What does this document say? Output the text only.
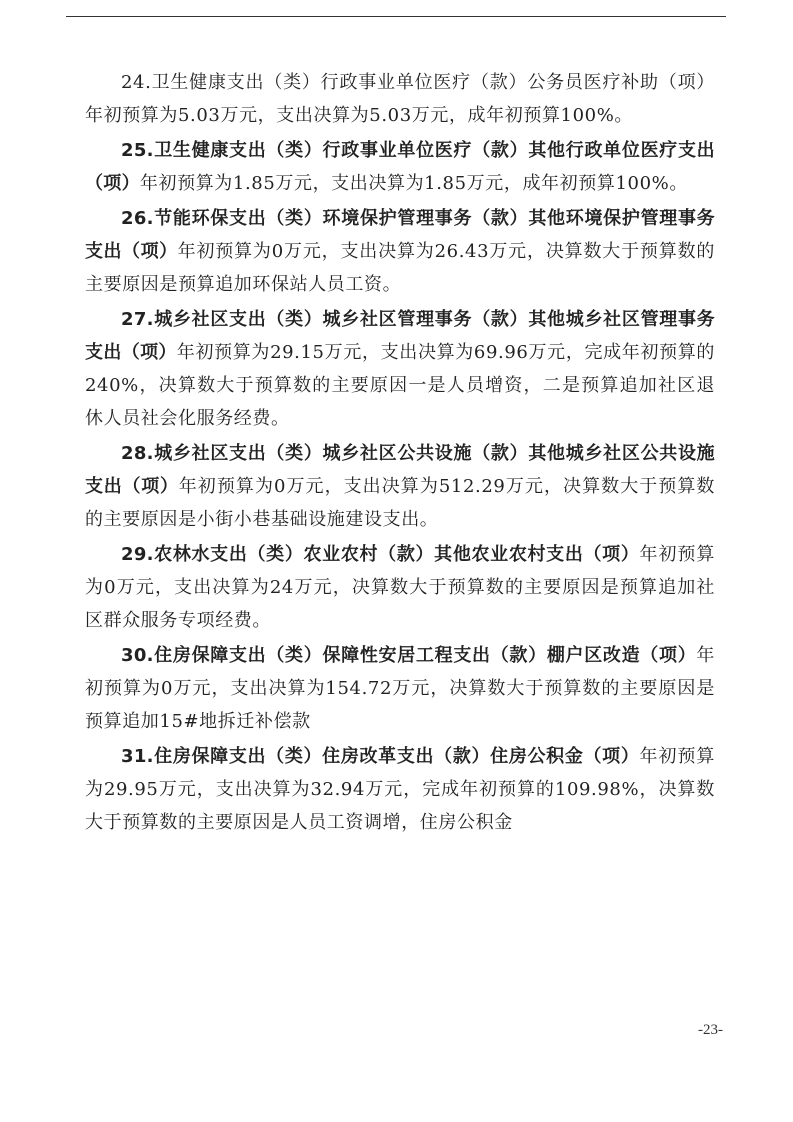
24.卫生健康支出（类）行政事业单位医疗（款）公务员医疗补助（项）年初预算为5.03万元，支出决算为5.03万元，成年初预算100%。

25.卫生健康支出（类）行政事业单位医疗（款）其他行政单位医疗支出（项）年初预算为1.85万元，支出决算为1.85万元，成年初预算100%。

26.节能环保支出（类）环境保护管理事务（款）其他环境保护管理事务支出（项）年初预算为0万元，支出决算为26.43万元，决算数大于预算数的主要原因是预算追加环保站人员工资。

27.城乡社区支出（类）城乡社区管理事务（款）其他城乡社区管理事务支出（项）年初预算为29.15万元，支出决算为69.96万元，完成年初预算的240%，决算数大于预算数的主要原因一是人员增资，二是预算追加社区退休人员社会化服务经费。

28.城乡社区支出（类）城乡社区公共设施（款）其他城乡社区公共设施支出（项）年初预算为0万元，支出决算为512.29万元，决算数大于预算数的主要原因是小街小巷基础设施建设支出。

29.农林水支出（类）农业农村（款）其他农业农村支出（项）年初预算为0万元，支出决算为24万元，决算数大于预算数的主要原因是预算追加社区群众服务专项经费。

30.住房保障支出（类）保障性安居工程支出（款）棚户区改造（项）年初预算为0万元，支出决算为154.72万元，决算数大于预算数的主要原因是预算追加15#地拆迁补偿款

31.住房保障支出（类）住房改革支出（款）住房公积金（项）年初预算为29.95万元，支出决算为32.94万元，完成年初预算的109.98%，决算数大于预算数的主要原因是人员工资调增，住房公积金

-23-
